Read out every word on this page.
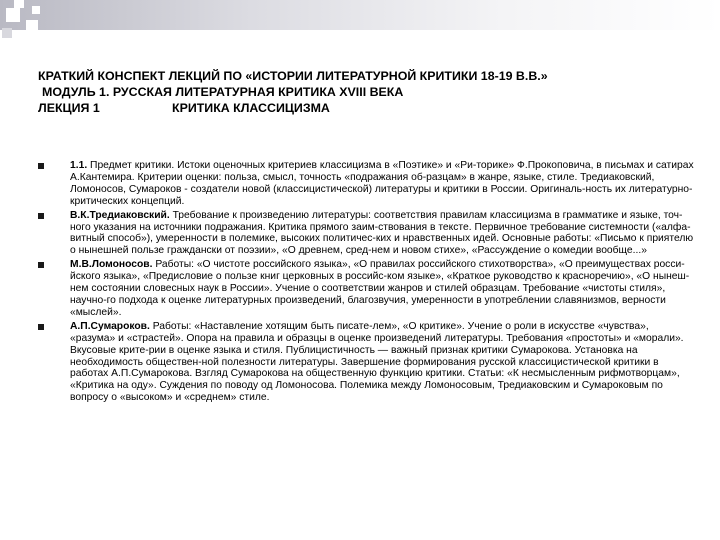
КРАТКИЙ КОНСПЕКТ ЛЕКЦИЙ ПО «ИСТОРИИ ЛИТЕРАТУРНОЙ КРИТИКИ 18-19 В.В.»
МОДУЛЬ 1. РУССКАЯ ЛИТЕРАТУРНАЯ КРИТИКА XVIII ВЕКА
ЛЕКЦИЯ 1	КРИТИКА КЛАССИЦИЗМА
1.1. Предмет критики. Истоки оценочных критериев классицизма в «Поэтике» и «Ри-торике» Ф.Прокоповича, в письмах и сатирах А.Кантемира. Критерии оценки: польза, смысл, точность «подражания об-разцам» в жанре, языке, стиле. Тредиаковский, Ломоносов, Сумароков - создатели новой (классицистической) литературы и критики в России. Оригиналь-ность их литературно-критических концепций.
В.К.Тредиаковский. Требование к произведению литературы: соответствия правилам классицизма в грамматике и языке, точ-ного указания на источники подражания. Критика прямого заим-ствования в тексте. Первичное требование системности («алфа-витный способ»), умеренности в полемике, высоких политичес-ких и нравственных идей. Основные работы: «Письмо к приятелю о нынешней пользе граждански от поэзии», «О древнем, сред-нем и новом стихе», «Рассуждение о комедии вообще...»
М.В.Ломоносов. Работы: «О чистоте российского языка», «О правилах российского стихотворства», «О преимуществах росси-йского языка», «Предисловие о пользе книг церковных в российс-ком языке», «Краткое руководство к красноречию», «О нынеш-нем состоянии словесных наук в России». Учение о соответствии жанров и стилей образцам. Требование «чистоты стиля», научно-го подхода к оценке литературных произведений, благозвучия, умеренности в употреблении славянизмов, верности «мыслей».
А.П.Сумароков. Работы: «Наставление хотящим быть писате-лем», «О критике». Учение о роли в искусстве «чувства», «разума» и «страстей». Опора на правила и образцы в оценке произведений литературы. Требования «простоты» и «морали». Вкусовые крите-рии в оценке языка и стиля. Публицистичность — важный признак критики Сумарокова. Установка на необходимость обществен-ной полезности литературы. Завершение формирования русской классицистической критики в работах А.П.Сумарокова. Взгляд Сумарокова на общественную функцию критики. Статьи: «К несмысленным рифмотворцам», «Критика на оду». Суждения по поводу од Ломоносова. Полемика между Ломоносовым, Тредиаковским и Сумароковым по вопросу о «высоком» и «среднем» стиле.
